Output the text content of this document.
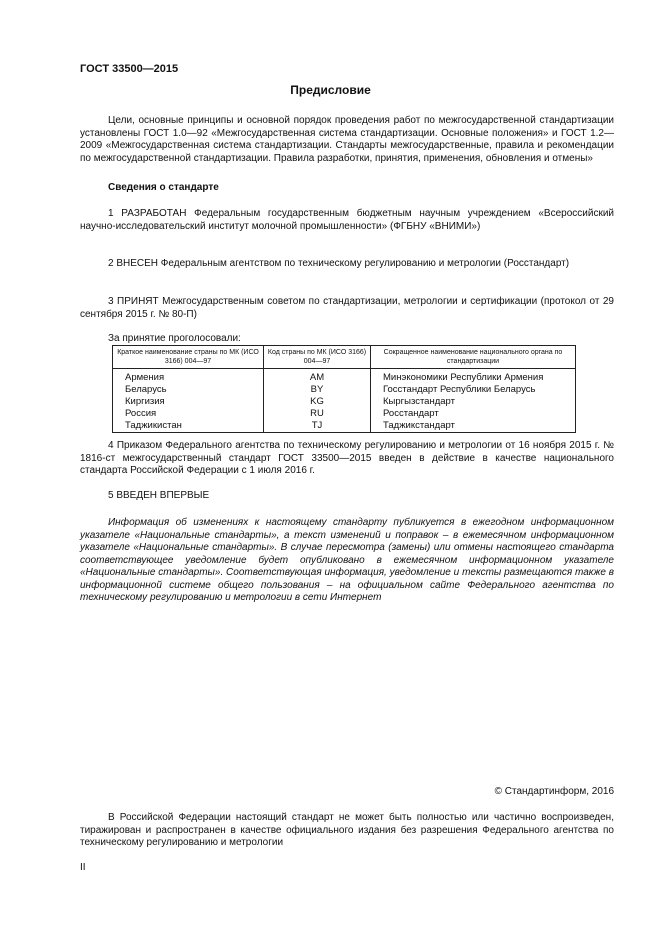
ГОСТ 33500—2015
Предисловие
Цели, основные принципы и основной порядок проведения работ по межгосударственной стандартизации установлены ГОСТ 1.0—92 «Межгосударственная система стандартизации. Основные положения» и ГОСТ 1.2—2009 «Межгосударственная система стандартизации. Стандарты межгосударственные, правила и рекомендации по межгосударственной стандартизации. Правила разработки, принятия, применения, обновления и отмены»
Сведения о стандарте
1 РАЗРАБОТАН Федеральным государственным бюджетным научным учреждением «Всероссийский научно-исследовательский институт молочной промышленности» (ФГБНУ «ВНИМИ»)
2 ВНЕСЕН Федеральным агентством по техническому регулированию и метрологии (Росстандарт)
3 ПРИНЯТ Межгосударственным советом по стандартизации, метрологии и сертификации (протокол от 29 сентября 2015 г. № 80-П)
За принятие проголосовали:
Краткое наименование страны по МК (ИСО 3166) 004—97	Код страны по МК (ИСО 3166) 004—97	Сокращенное наименование национального органа по стандартизации
Армения	AM	Минэкономики Республики Армения
Беларусь	BY	Госстандарт Республики Беларусь
Киргизия	KG	Кыргызстандарт
Россия	RU	Росстандарт
Таджикистан	TJ	Таджикстандарт
4 Приказом Федерального агентства по техническому регулированию и метрологии от 16 ноября 2015 г. № 1816-ст межгосударственный стандарт ГОСТ 33500—2015 введен в действие в качестве национального стандарта Российской Федерации с 1 июля 2016 г.
5 ВВЕДЕН ВПЕРВЫЕ
Информация об изменениях к настоящему стандарту публикуется в ежегодном информационном указателе «Национальные стандарты», а текст изменений и поправок – в ежемесячном информационном указателе «Национальные стандарты». В случае пересмотра (замены) или отмены настоящего стандарта соответствующее уведомление будет опубликовано в ежемесячном информационном указателе «Национальные стандарты». Соответствующая информация, уведомление и тексты размещаются также в информационной системе общего пользования – на официальном сайте Федерального агентства по техническому регулированию и метрологии в сети Интернет
© Стандартинформ, 2016
В Российской Федерации настоящий стандарт не может быть полностью или частично воспроизведен, тиражирован и распространен в качестве официального издания без разрешения Федерального агентства по техническому регулированию и метрологии
II
